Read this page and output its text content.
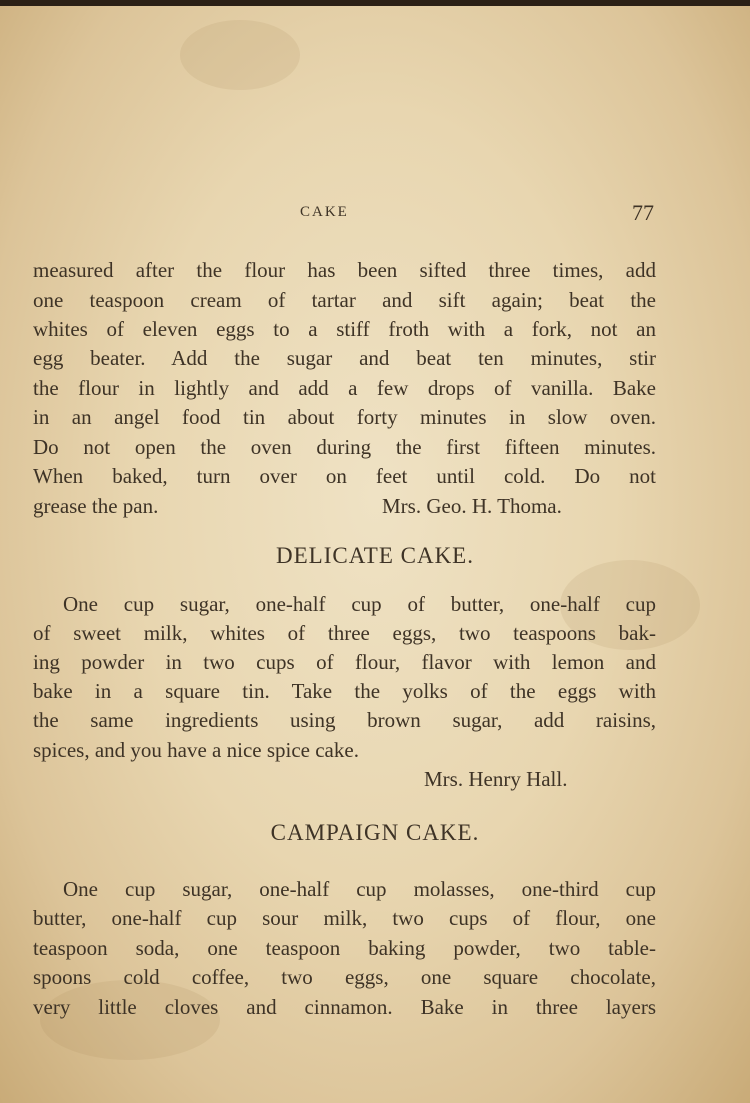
CAKE	77
measured after the flour has been sifted three times, add
one teaspoon cream of tartar and sift again; beat the
whites of eleven eggs to a stiff froth with a fork, not an
egg beater. Add the sugar and beat ten minutes, stir
the flour in lightly and add a few drops of vanilla. Bake
in an angel food tin about forty minutes in slow oven.
Do not open the oven during the first fifteen minutes.
When baked, turn over on feet until cold. Do not
grease the pan.	Mrs. Geo. H. Thoma.
DELICATE CAKE.
One cup sugar, one-half cup of butter, one-half cup
of sweet milk, whites of three eggs, two teaspoons bak-
ing powder in two cups of flour, flavor with lemon and
bake in a square tin. Take the yolks of the eggs with
the same ingredients using brown sugar, add raisins,
spices, and you have a nice spice cake.
Mrs. Henry Hall.
CAMPAIGN CAKE.
One cup sugar, one-half cup molasses, one-third cup
butter, one-half cup sour milk, two cups of flour, one
teaspoon soda, one teaspoon baking powder, two table-
spoons cold coffee, two eggs, one square chocolate,
very little cloves and cinnamon. Bake in three layers
